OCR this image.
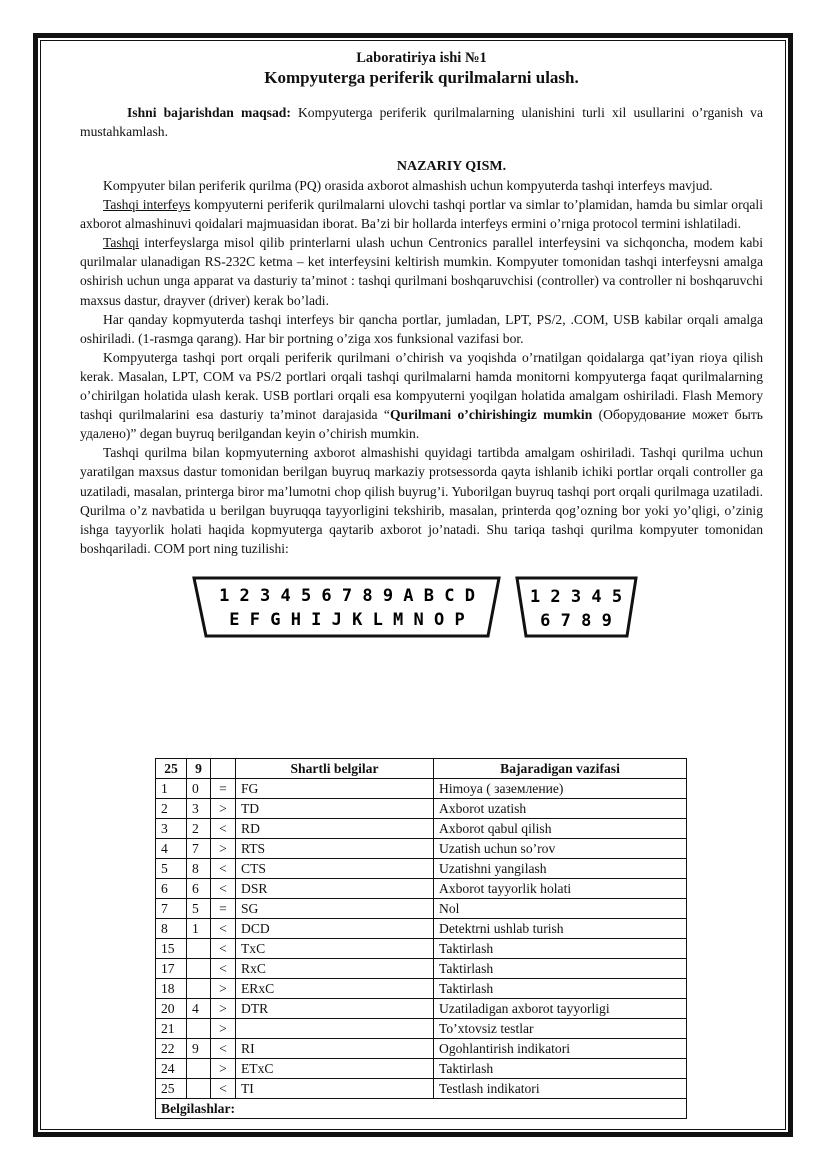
Laboratiriya ishi №1
Kompyuterga periferik qurilmalarni ulash.
Ishni bajarishdan maqsad: Kompyuterga periferik qurilmalarning ulanishini turli xil usullarini o’rganish va mustahkamlash.
NAZARIY QISM.

Kompyuter bilan periferik qurilma (PQ) orasida axborot almashish uchun kompyuterda tashqi interfeys mavjud.

Tashqi interfeys kompyuterni periferik qurilmalarni ulovchi tashqi portlar va simlar to’plamidan, hamda bu simlar orqali axborot almashinuvi qoidalari majmuasidan iborat. Ba’zi bir hollarda interfeys ermini o’rniga protocol termini ishlatiladi.

Tashqi interfeyslarga misol qilib printerlarni ulash uchun Centronics parallel interfeysini va sichqoncha, modem kabi qurilmalar ulanadigan RS-232C ketma – ket interfeysini keltirish mumkin. Kompyuter tomonidan tashqi interfeysni amalga oshirish uchun unga apparat va dasturiy ta’minot : tashqi qurilmani boshqaruvchisi (controller) va controller ni boshqaruvchi maxsus dastur, drayver (driver) kerak bo’ladi.

Har qanday kopmyuterda tashqi interfeys bir qancha portlar, jumladan, LPT, PS/2, .COM, USB kabilar orqali amalga oshiriladi. (1-rasmga qarang). Har bir portning o’ziga xos funksional vazifasi bor.

Kompyuterga tashqi port orqali periferik qurilmani o’chirish va yoqishda o’rnatilgan qoidalarga qat’iyan rioya qilish kerak. Masalan, LPT, COM va PS/2 portlari orqali tashqi qurilmalarni hamda monitorni kompyuterga faqat qurilmalarning o’chirilgan holatida ulash kerak. USB portlari orqali esa kompyuterni yoqilgan holatida amalgam oshiriladi. Flash Memory tashqi qurilmalarini esa dasturiy ta’minot darajasida “Qurilmani o’chirishingiz mumkin (Оборудование может быть удалено)” degan buyruq berilgandan keyin o’chirish mumkin.

Tashqi qurilma bilan kopmyuterning axborot almashishi quyidagi tartibda amalgam oshiriladi. Tashqi qurilma uchun yaratilgan maxsus dastur tomonidan berilgan buyruq markaziy protsessorda qayta ishlanib ichiki portlar orqali controller ga uzatiladi, masalan, printerga biror ma’lumotni chop qilish buyrug’i. Yuborilgan buyruq tashqi port orqali qurilmaga uzatiladi. Qurilma o’z navbatida u berilgan buyruqqa tayyorligini tekshirib, masalan, printerda qog’ozning bor yoki yo’qligi, o’zinig ishga tayyorlik holati haqida kopmyuterga qaytarib axborot jo’natadi. Shu tariqa tashqi qurilma kompyuter tomonidan boshqariladi. COM port ning tuzilishi:

1 2 3 4 5 6 7 8 9 A B C D
E F G H I J K L M N O P
1 2 3 4 5
6 7 8 9
25	9		Shartli belgilar	Bajaradigan vazifasi
1	0	=	FG	Himoya ( заземление)
2	3	>	TD	Axborot uzatish
3	2	<	RD	Axborot qabul qilish
4	7	>	RTS	Uzatish uchun so’rov
5	8	<	CTS	Uzatishni yangilash
6	6	<	DSR	Axborot tayyorlik holati
7	5	=	SG	Nol
8	1	<	DCD	Detektrni ushlab turish
15		<	TxC	Taktirlash
17		<	RxC	Taktirlash
18		>	ERxC	Taktirlash
20	4	>	DTR	Uzatiladigan axborot tayyorligi
21		>		To’xtovsiz testlar
22	9	<	RI	Ogohlantirish indikatori
24		>	ETxC	Taktirlash
25		<	TI	Testlash indikatori
Belgilashlar:				
